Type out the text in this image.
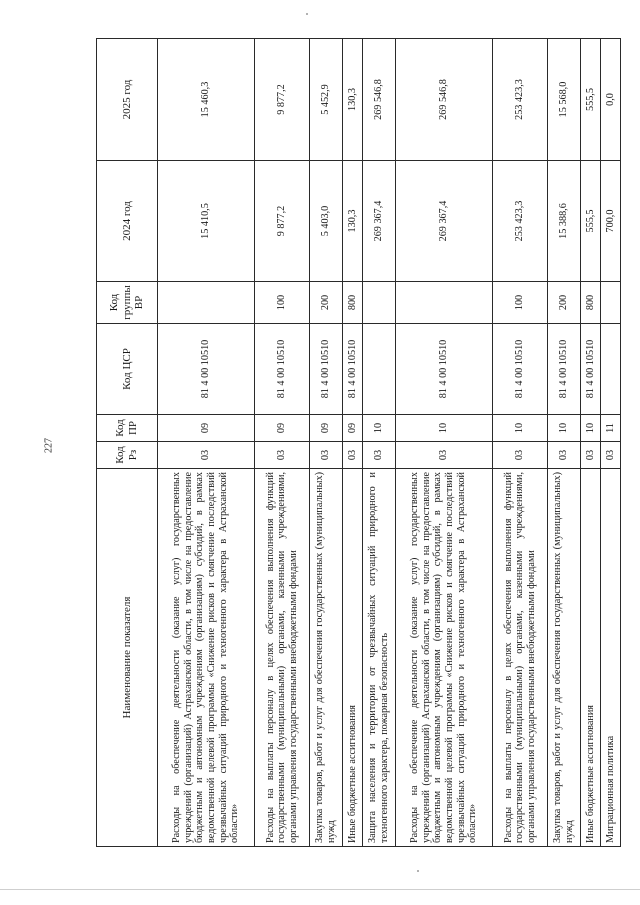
227
Наименование показателя	Код Рз	Код ПР	Код ЦСР	Код группы ВР	2024 год	2025 год
Расходы на обеспечение деятельности (оказание услуг) государственных учреждений (организаций) Астраханской области, в том числе на предоставление бюджетным и автономным учреждениям (организациям) субсидий, в рамках ведомственной целевой программы «Снижение рисков и смягчение последствий чрезвычайных ситуаций природного и техногенного характера в Астраханской области»	03	09	81 4 00 10510		15 410,5	15 460,3
Расходы на выплаты персоналу в целях обеспечения выполнения функций государственными (муниципальными) органами, казенными учреждениями, органами управления государственными внебюджетными фондами	03	09	81 4 00 10510	100	9 877,2	9 877,2
Закупка товаров, работ и услуг для обеспечения государственных (муниципальных) нужд	03	09	81 4 00 10510	200	5 403,0	5 452,9
Иные бюджетные ассигнования	03	09	81 4 00 10510	800	130,3	130,3
Защита населения и территории от чрезвычайных ситуаций природного и техногенного характера, пожарная безопасность	03	10			269 367,4	269 546,8
Расходы на обеспечение деятельности (оказание услуг) государственных учреждений (организаций) Астраханской области, в том числе на предоставление бюджетным и автономным учреждениям (организациям) субсидий, в рамках ведомственной целевой программы «Снижение рисков и смягчение последствий чрезвычайных ситуаций природного и техногенного характера в Астраханской области»	03	10	81 4 00 10510		269 367,4	269 546,8
Расходы на выплаты персоналу в целях обеспечения выполнения функций государственными (муниципальными) органами, казенными учреждениями, органами управления государственными внебюджетными фондами	03	10	81 4 00 10510	100	253 423,3	253 423,3
Закупка товаров, работ и услуг для обеспечения государственных (муниципальных) нужд	03	10	81 4 00 10510	200	15 388,6	15 568,0
Иные бюджетные ассигнования	03	10	81 4 00 10510	800	555,5	555,5
Миграционная политика	03	11			700,0	0,0
